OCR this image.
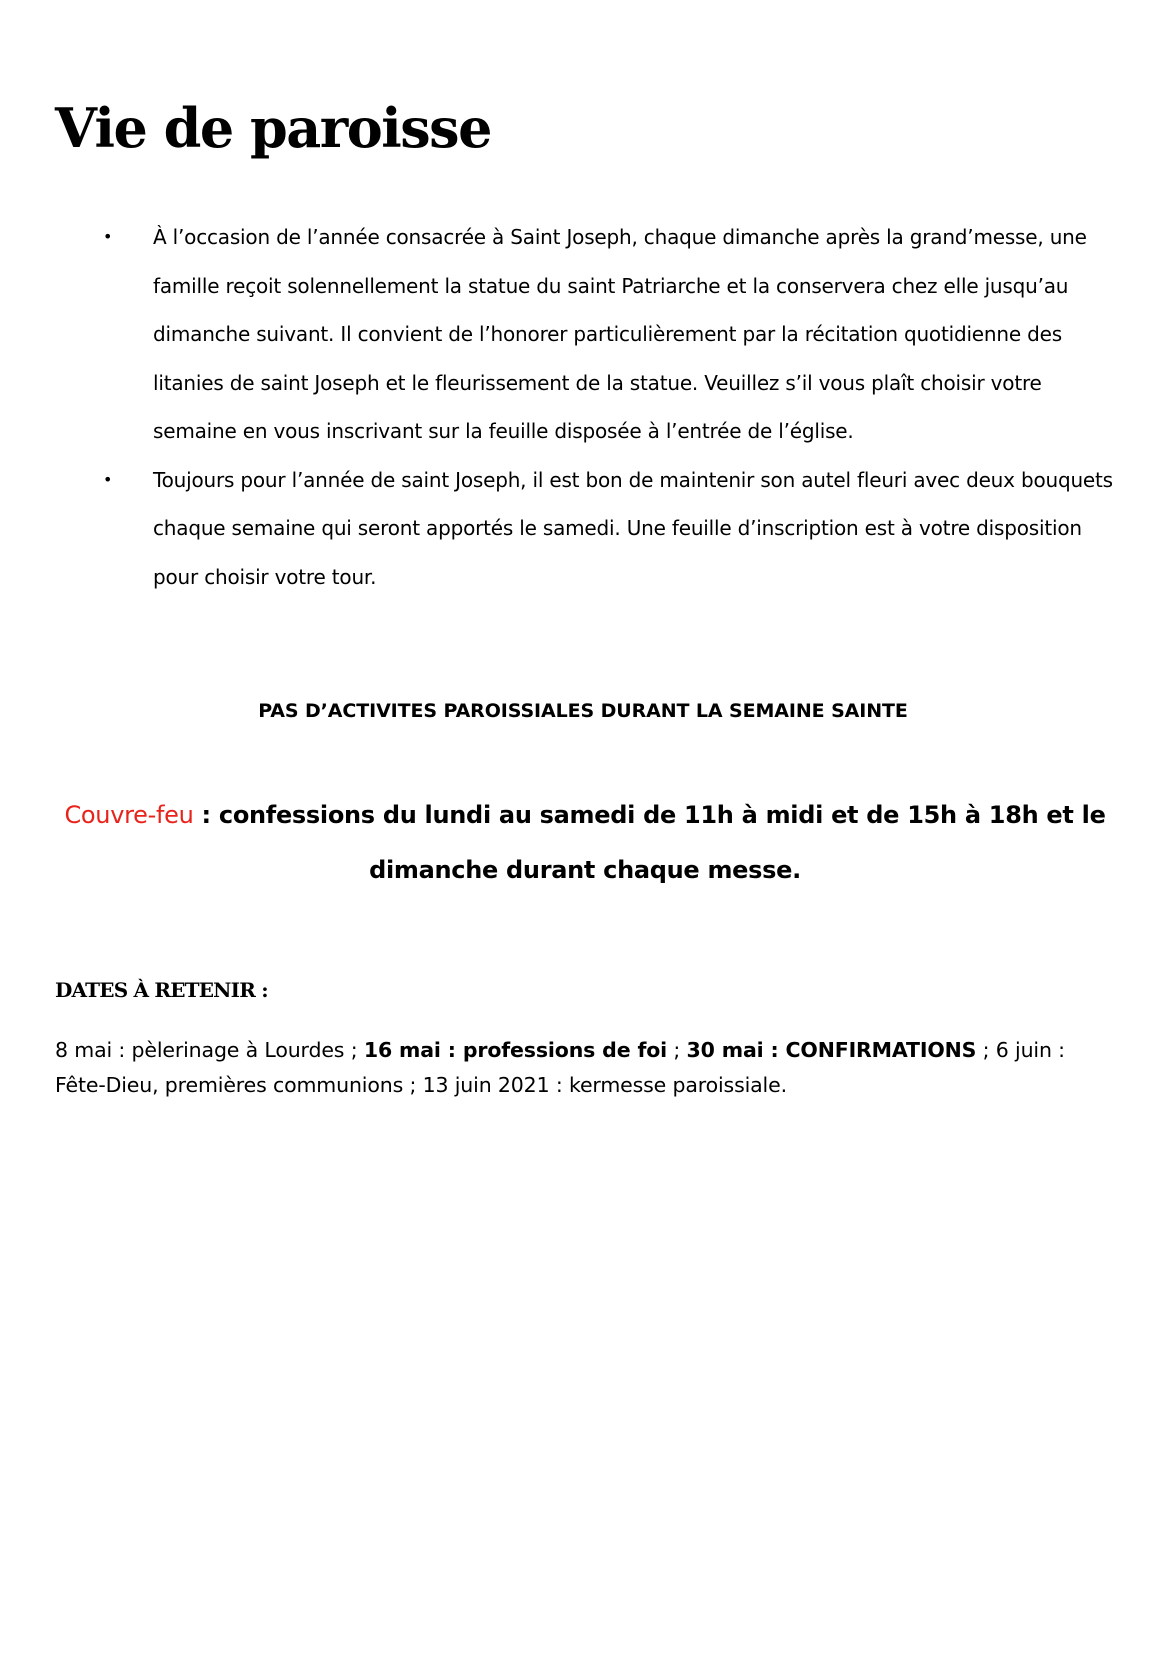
Vie de paroisse
•
À l’occasion de l’année consacrée à Saint Joseph, chaque dimanche après la grand’messe, une famille reçoit solennellement la statue du saint Patriarche et la conservera chez elle jusqu’au dimanche suivant. Il convient de l’honorer particulièrement par la récitation quotidienne des litanies de saint Joseph et le fleurissement de la statue. Veuillez s’il vous plaît choisir votre semaine en vous inscrivant sur la feuille disposée à l’entrée de l’église.
•
Toujours pour l’année de saint Joseph, il est bon de maintenir son autel fleuri avec deux bouquets chaque semaine qui seront apportés le samedi. Une feuille d’inscription est à votre disposition pour choisir votre tour.
PAS D’ACTIVITES PAROISSIALES DURANT LA SEMAINE SAINTE
Couvre-feu : confessions du lundi au samedi de 11h à midi et de 15h à 18h et le dimanche durant chaque messe.
DATES À RETENIR :
8 mai : pèlerinage à Lourdes ; 16 mai : professions de foi ; 30 mai : CONFIRMATIONS ; 6 juin : Fête-Dieu, premières communions ; 13 juin 2021 : kermesse paroissiale.
